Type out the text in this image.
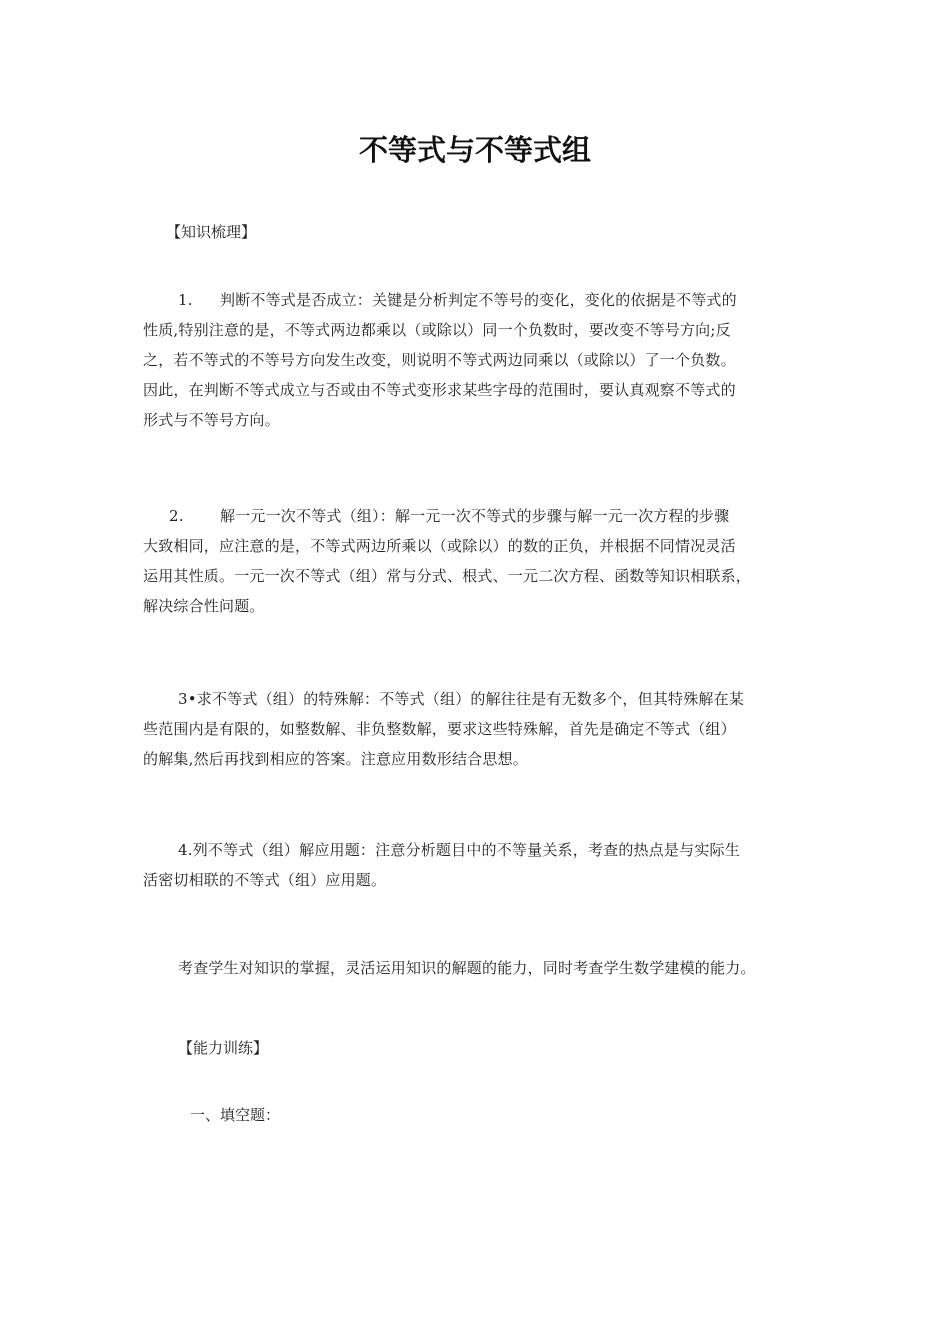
不等式与不等式组
【知识梳理】
1. 判断不等式是否成立：关键是分析判定不等号的变化，变化的依据是不等式的
性质,特别注意的是，不等式两边都乘以（或除以）同一个负数时，要改变不等号方向;反
之，若不等式的不等号方向发生改变，则说明不等式两边同乘以（或除以）了一个负数。
因此，在判断不等式成立与否或由不等式变形求某些字母的范围时，要认真观察不等式的
形式与不等号方向。
2. 解一元一次不等式（组）：解一元一次不等式的步骤与解一元一次方程的步骤
大致相同，应注意的是，不等式两边所乘以（或除以）的数的正负，并根据不同情况灵活
运用其性质。一元一次不等式（组）常与分式、根式、一元二次方程、函数等知识相联系，
解决综合性问题。
3•求不等式（组）的特殊解：不等式（组）的解往往是有无数多个，但其特殊解在某
些范围内是有限的，如整数解、非负整数解，要求这些特殊解，首先是确定不等式（组）
的解集,然后再找到相应的答案。注意应用数形结合思想。
4.列不等式（组）解应用题：注意分析题目中的不等量关系，考查的热点是与实际生
活密切相联的不等式（组）应用题。
考查学生对知识的掌握，灵活运用知识的解题的能力，同时考查学生数学建模的能力。
【能力训练】
一、填空题：
